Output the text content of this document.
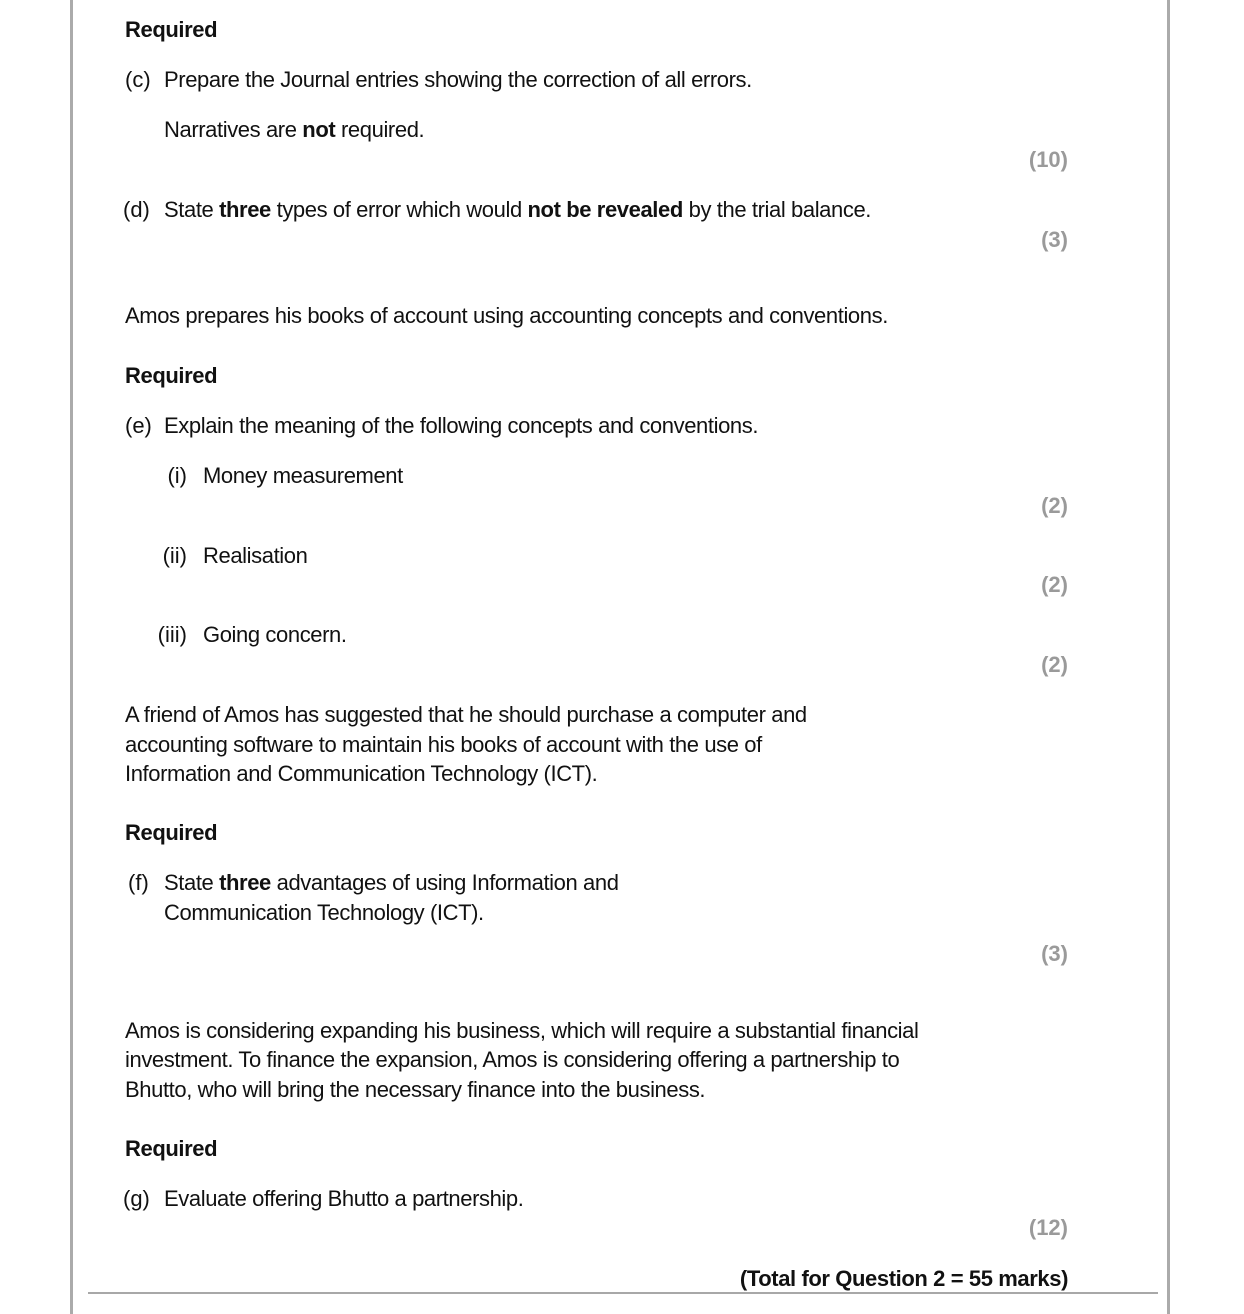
Required
(c) Prepare the Journal entries showing the correction of all errors.
Narratives are not required.
(10)
(d) State three types of error which would not be revealed by the trial balance.
(3)
Amos prepares his books of account using accounting concepts and conventions.
Required
(e) Explain the meaning of the following concepts and conventions.
(i) Money measurement
(2)
(ii) Realisation
(2)
(iii) Going concern.
(2)
A friend of Amos has suggested that he should purchase a computer and
accounting software to maintain his books of account with the use of
Information and Communication Technology (ICT).
Required
(f) State three advantages of using Information and
Communication Technology (ICT).
(3)
Amos is considering expanding his business, which will require a substantial financial
investment. To finance the expansion, Amos is considering offering a partnership to
Bhutto, who will bring the necessary finance into the business.
Required
(g) Evaluate offering Bhutto a partnership.
(12)
(Total for Question 2 = 55 marks)
